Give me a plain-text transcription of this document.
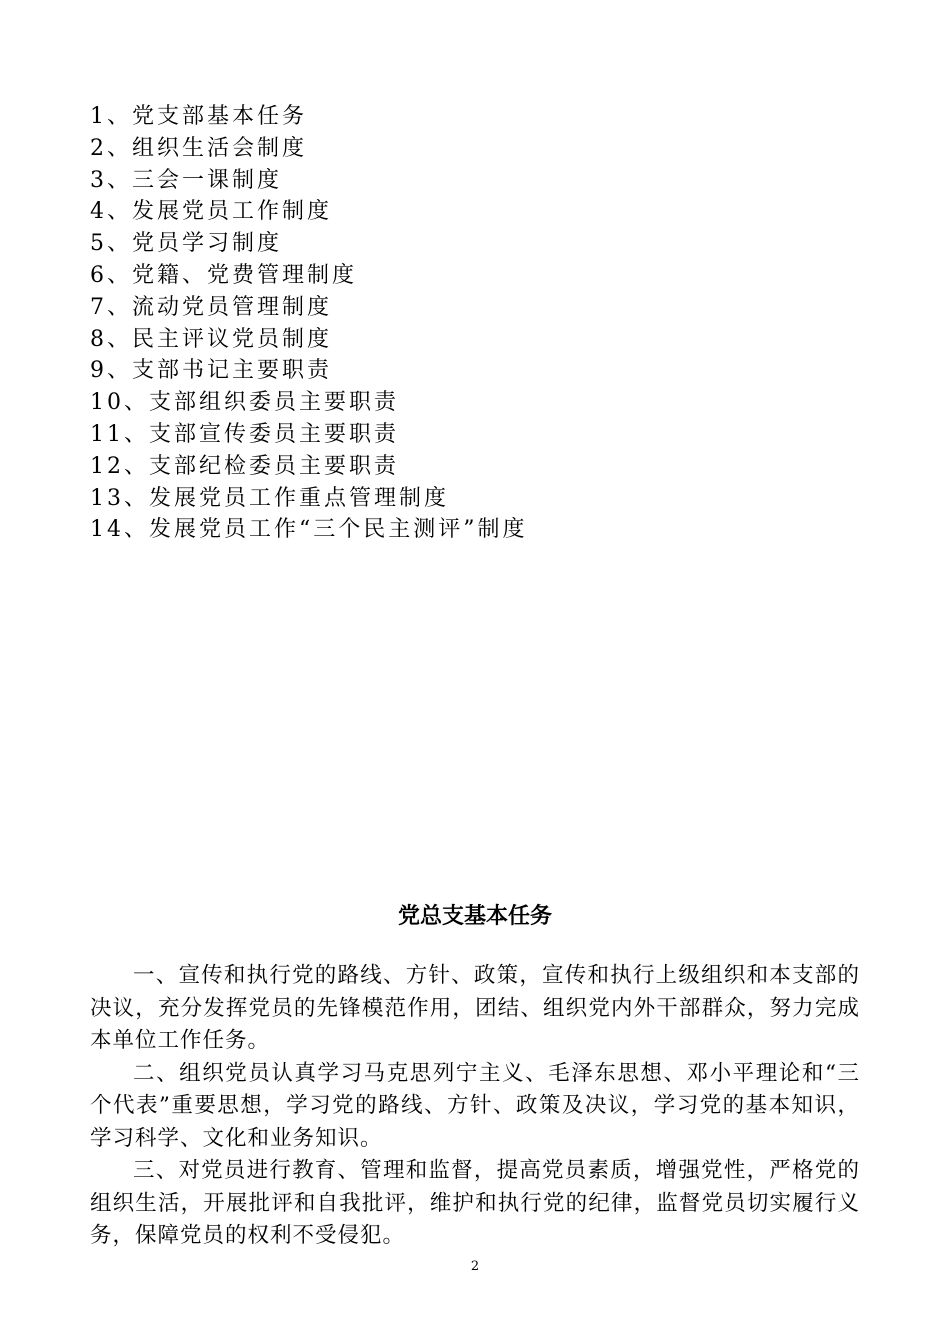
1、党支部基本任务
2、组织生活会制度
3、三会一课制度
4、发展党员工作制度
5、党员学习制度
6、党籍、党费管理制度
7、流动党员管理制度
8、民主评议党员制度
9、支部书记主要职责
10、支部组织委员主要职责
11、支部宣传委员主要职责
12、支部纪检委员主要职责
13、发展党员工作重点管理制度
14、发展党员工作“三个民主测评”制度
党总支基本任务

一、宣传和执行党的路线、方针、政策，宣传和执行上级组织和本支部的决议，充分发挥党员的先锋模范作用，团结、组织党内外干部群众，努力完成本单位工作任务。

二、组织党员认真学习马克思列宁主义、毛泽东思想、邓小平理论和“三个代表”重要思想，学习党的路线、方针、政策及决议，学习党的基本知识，学习科学、文化和业务知识。

三、对党员进行教育、管理和监督，提高党员素质，增强党性，严格党的组织生活，开展批评和自我批评，维护和执行党的纪律，监督党员切实履行义务，保障党员的权利不受侵犯。

2
